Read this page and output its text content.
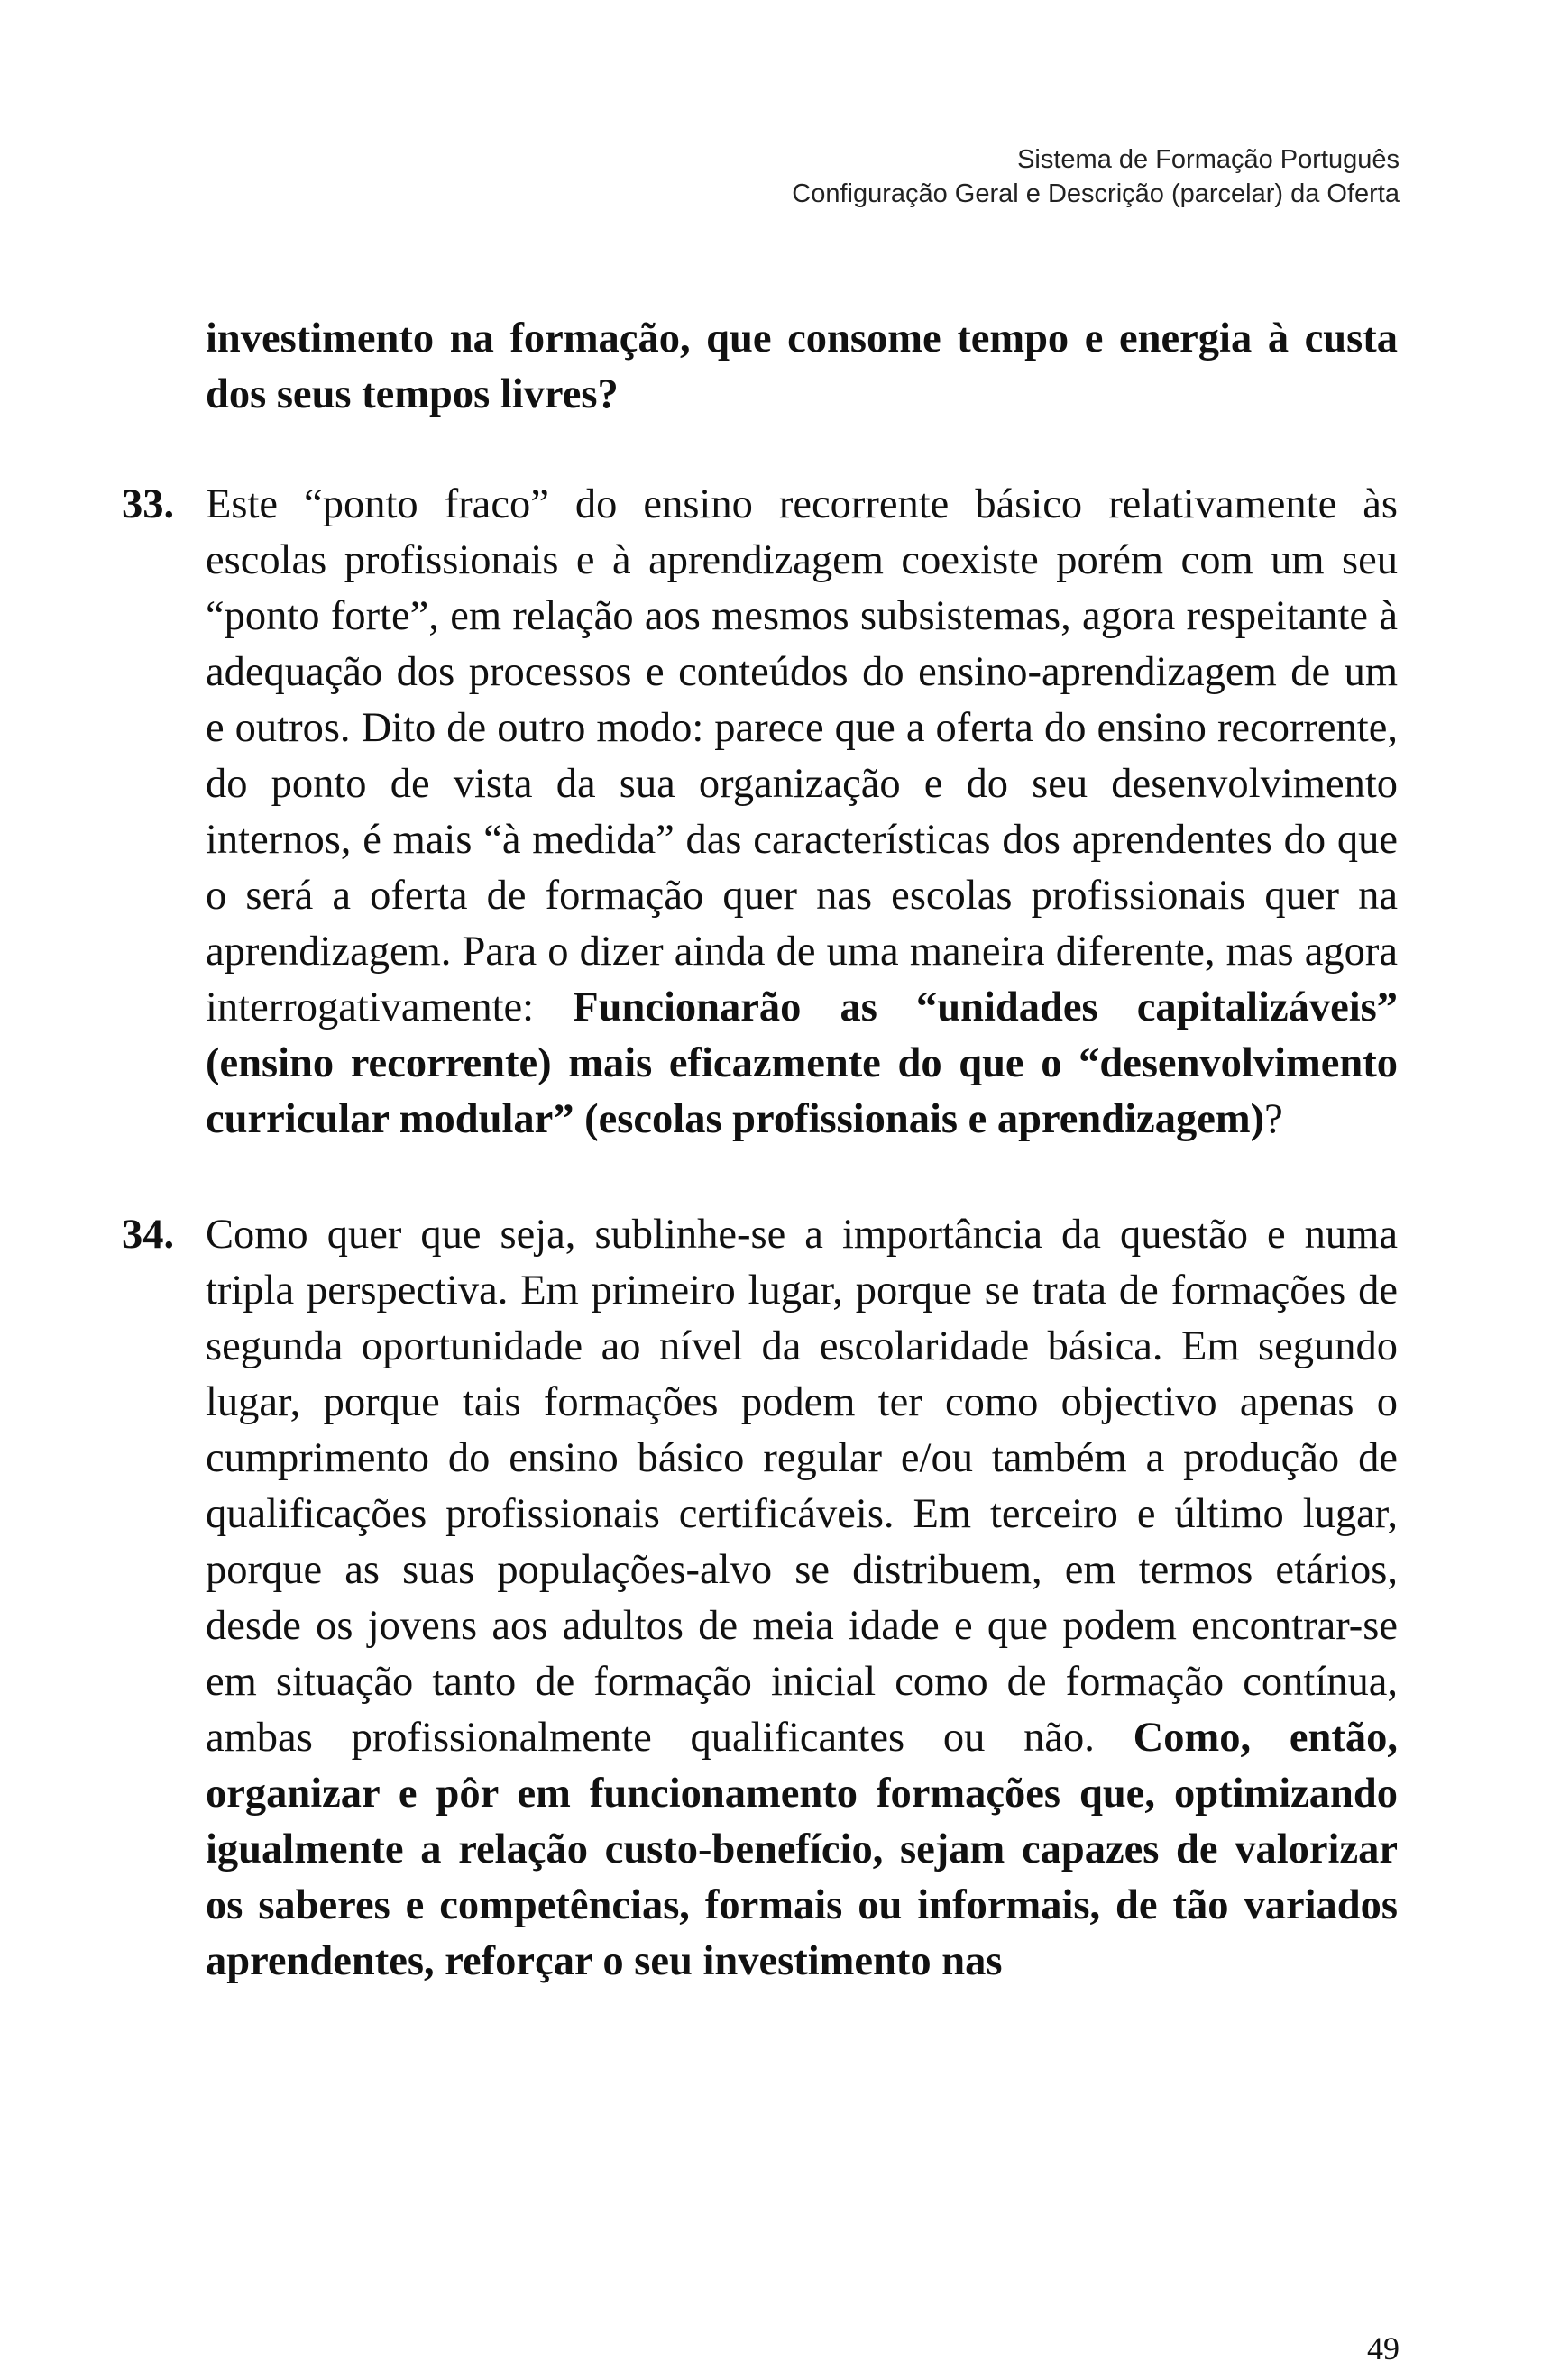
Sistema de Formação Português
Configuração Geral e Descrição (parcelar) da Oferta

investimento na formação, que consome tempo e energia à custa dos seus tempos livres?

33. Este “ponto fraco” do ensino recorrente básico relativamente às escolas profissionais e à aprendizagem coexiste porém com um seu “ponto forte”, em relação aos mesmos subsistemas, agora respeitante à adequação dos processos e conteúdos do ensino-aprendizagem de um e outros. Dito de outro modo: parece que a oferta do ensino recorrente, do ponto de vista da sua organização e do seu desenvolvimento internos, é mais “à medida” das características dos aprendentes do que o será a oferta de formação quer nas escolas profissionais quer na aprendizagem. Para o dizer ainda de uma maneira diferente, mas agora interrogativamente: Funcionarão as “unidades capitalizáveis” (ensino recorrente) mais eficazmente do que o “desenvolvimento curricular modular” (escolas profissionais e aprendizagem)?
34. Como quer que seja, sublinhe-se a importância da questão e numa tripla perspectiva. Em primeiro lugar, porque se trata de formações de segunda oportunidade ao nível da escolaridade básica. Em segundo lugar, porque tais formações podem ter como objectivo apenas o cumprimento do ensino básico regular e/ou também a produção de qualificações profissionais certificáveis. Em terceiro e último lugar, porque as suas populações-alvo se distribuem, em termos etários, desde os jovens aos adultos de meia idade e que podem encontrar-se em situação tanto de formação inicial como de formação contínua, ambas profissionalmente qualificantes ou não. Como, então, organizar e pôr em funcionamento formações que, optimizando igualmente a relação custo-benefício, sejam capazes de valorizar os saberes e competências, formais ou informais, de tão variados aprendentes, reforçar o seu investimento nas
49
